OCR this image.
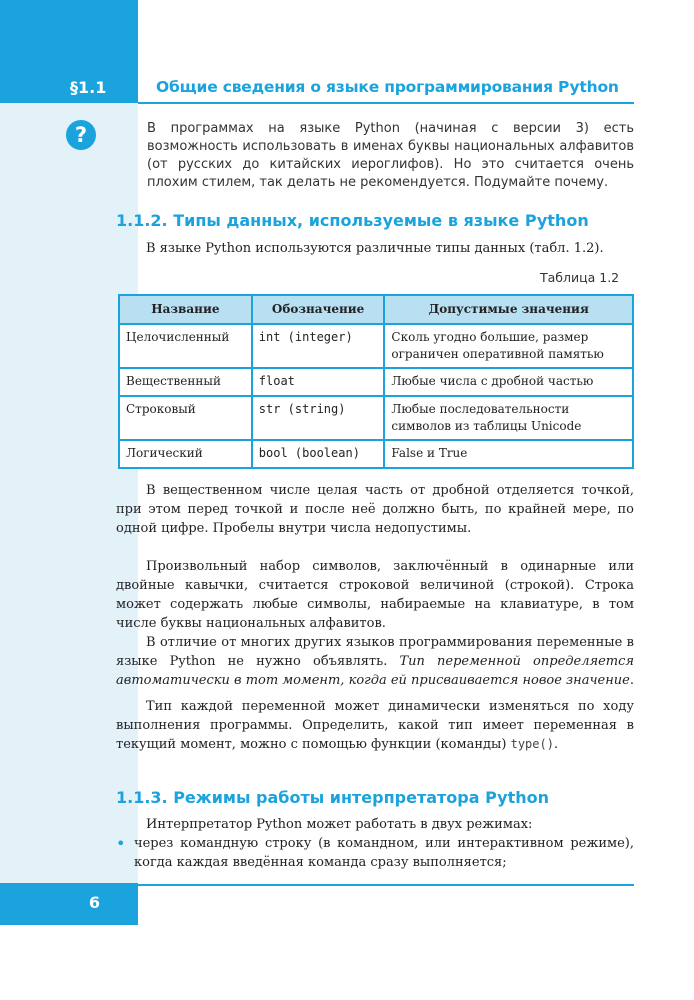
§1.1	Общие сведения о языке программирования Python
?	В программах на языке Python (начиная с версии 3) есть возможность использовать в именах буквы национальных алфавитов (от русских до китайских иероглифов). Но это считается очень плохим стилем, так делать не рекомендуется. Подумайте почему.
1.1.2. Типы данных, используемые в языке Python
В языке Python используются различные типы данных (табл. 1.2).
Таблица 1.2
Название	Обозначение	Допустимые значения
Целочисленный	int (integer)	Сколь угодно большие, размер ограничен оперативной памятью
Вещественный	float	Любые числа с дробной частью
Строковый	str (string)	Любые последовательности символов из таблицы Unicode
Логический	bool (boolean)	False и True
В вещественном числе целая часть от дробной отделяется точкой, при этом перед точкой и после неё должно быть, по крайней мере, по одной цифре. Пробелы внутри числа недопустимы.
Произвольный набор символов, заключённый в одинарные или двойные кавычки, считается строковой величиной (строкой). Строка может содержать любые символы, набираемые на клавиатуре, в том числе буквы национальных алфавитов.
В отличие от многих других языков программирования переменные в языке Python не нужно объявлять. Тип переменной определяется автоматически в тот момент, когда ей присваивается новое значение.
Тип каждой переменной может динамически изменяться по ходу выполнения программы. Определить, какой тип имеет переменная в текущий момент, можно с помощью функции (команды) type().
1.1.3. Режимы работы интерпретатора Python
Интерпретатор Python может работать в двух режимах:
• через командную строку (в командном, или интерактивном режиме), когда каждая введённая команда сразу выполняется;
6
